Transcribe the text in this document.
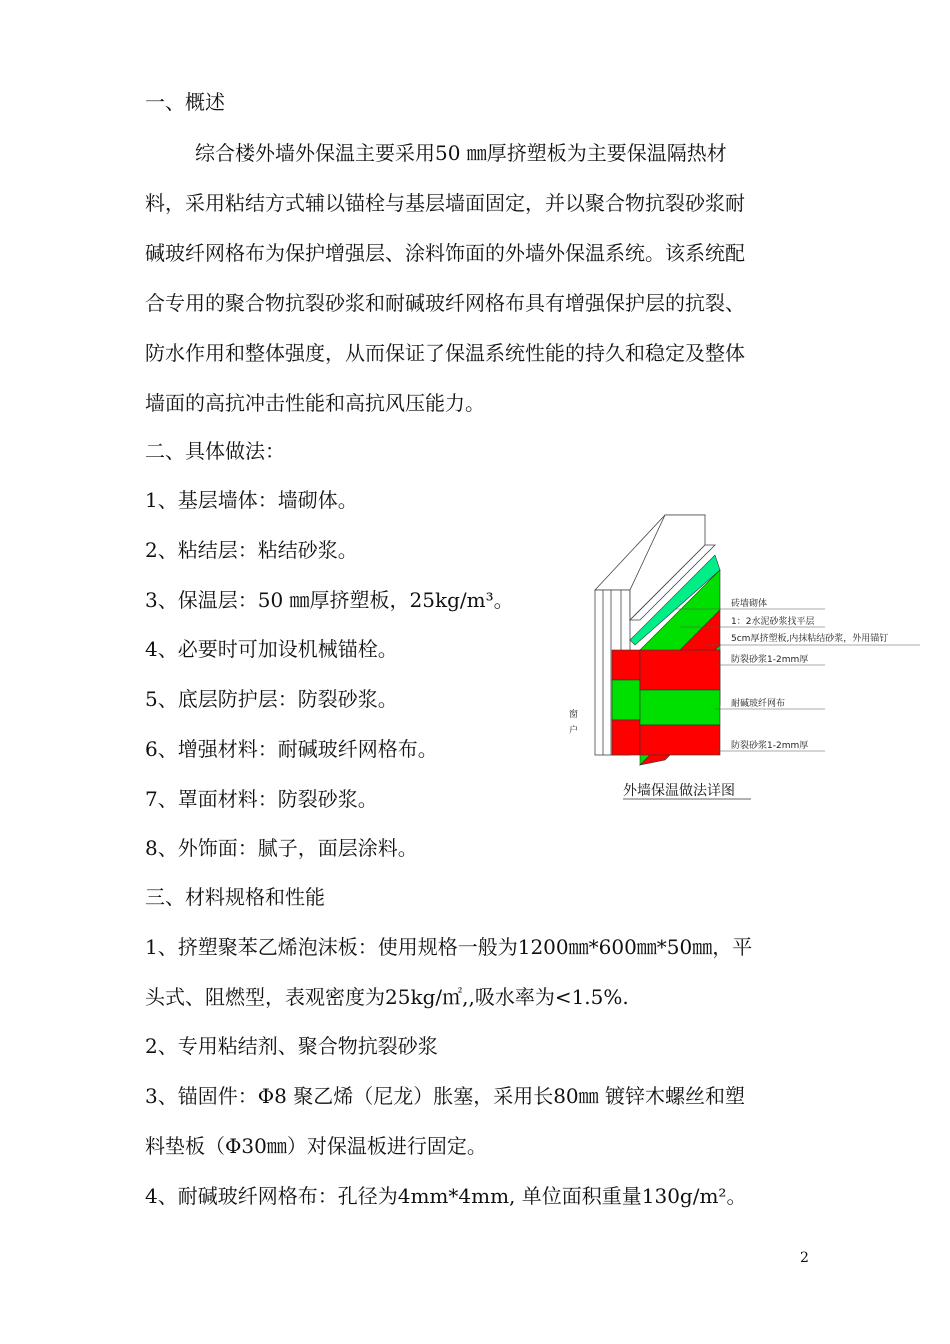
一、概述
综合楼外墙外保温主要采用50 ㎜厚挤塑板为主要保温隔热材
料，采用粘结方式辅以锚栓与基层墙面固定，并以聚合物抗裂砂浆耐
碱玻纤网格布为保护增强层、涂料饰面的外墙外保温系统。该系统配
合专用的聚合物抗裂砂浆和耐碱玻纤网格布具有增强保护层的抗裂、
防水作用和整体强度，从而保证了保温系统性能的持久和稳定及整体
墙面的高抗冲击性能和高抗风压能力。
二、具体做法：
1、基层墙体：墙砌体。
2、粘结层：粘结砂浆。
3、保温层：50 ㎜厚挤塑板，25kg/m³。
4、必要时可加设机械锚栓。
5、底层防护层：防裂砂浆。
6、增强材料：耐碱玻纤网格布。
7、罩面材料：防裂砂浆。
8、外饰面：腻子，面层涂料。
三、材料规格和性能
1、挤塑聚苯乙烯泡沫板：使用规格一般为1200㎜*600㎜*50㎜，平
头式、阻燃型，表观密度为25kg/㎡,,吸水率为<1.5%.
2、专用粘结剂、聚合物抗裂砂浆
3、锚固件：Φ8 聚乙烯（尼龙）胀塞，采用长80㎜ 镀锌木螺丝和塑
料垫板（Φ30㎜）对保温板进行固定。
4、耐碱玻纤网格布：孔径为4mm*4mm, 单位面积重量130g/m²。
窗
户
砖墙砌体
1：2水泥砂浆找平层
5cm厚挤塑板,内抹粘结砂浆，外用锚钉
防裂砂浆1-2mm厚
耐碱玻纤网布
防裂砂浆1-2mm厚
外墙保温做法详图
2
